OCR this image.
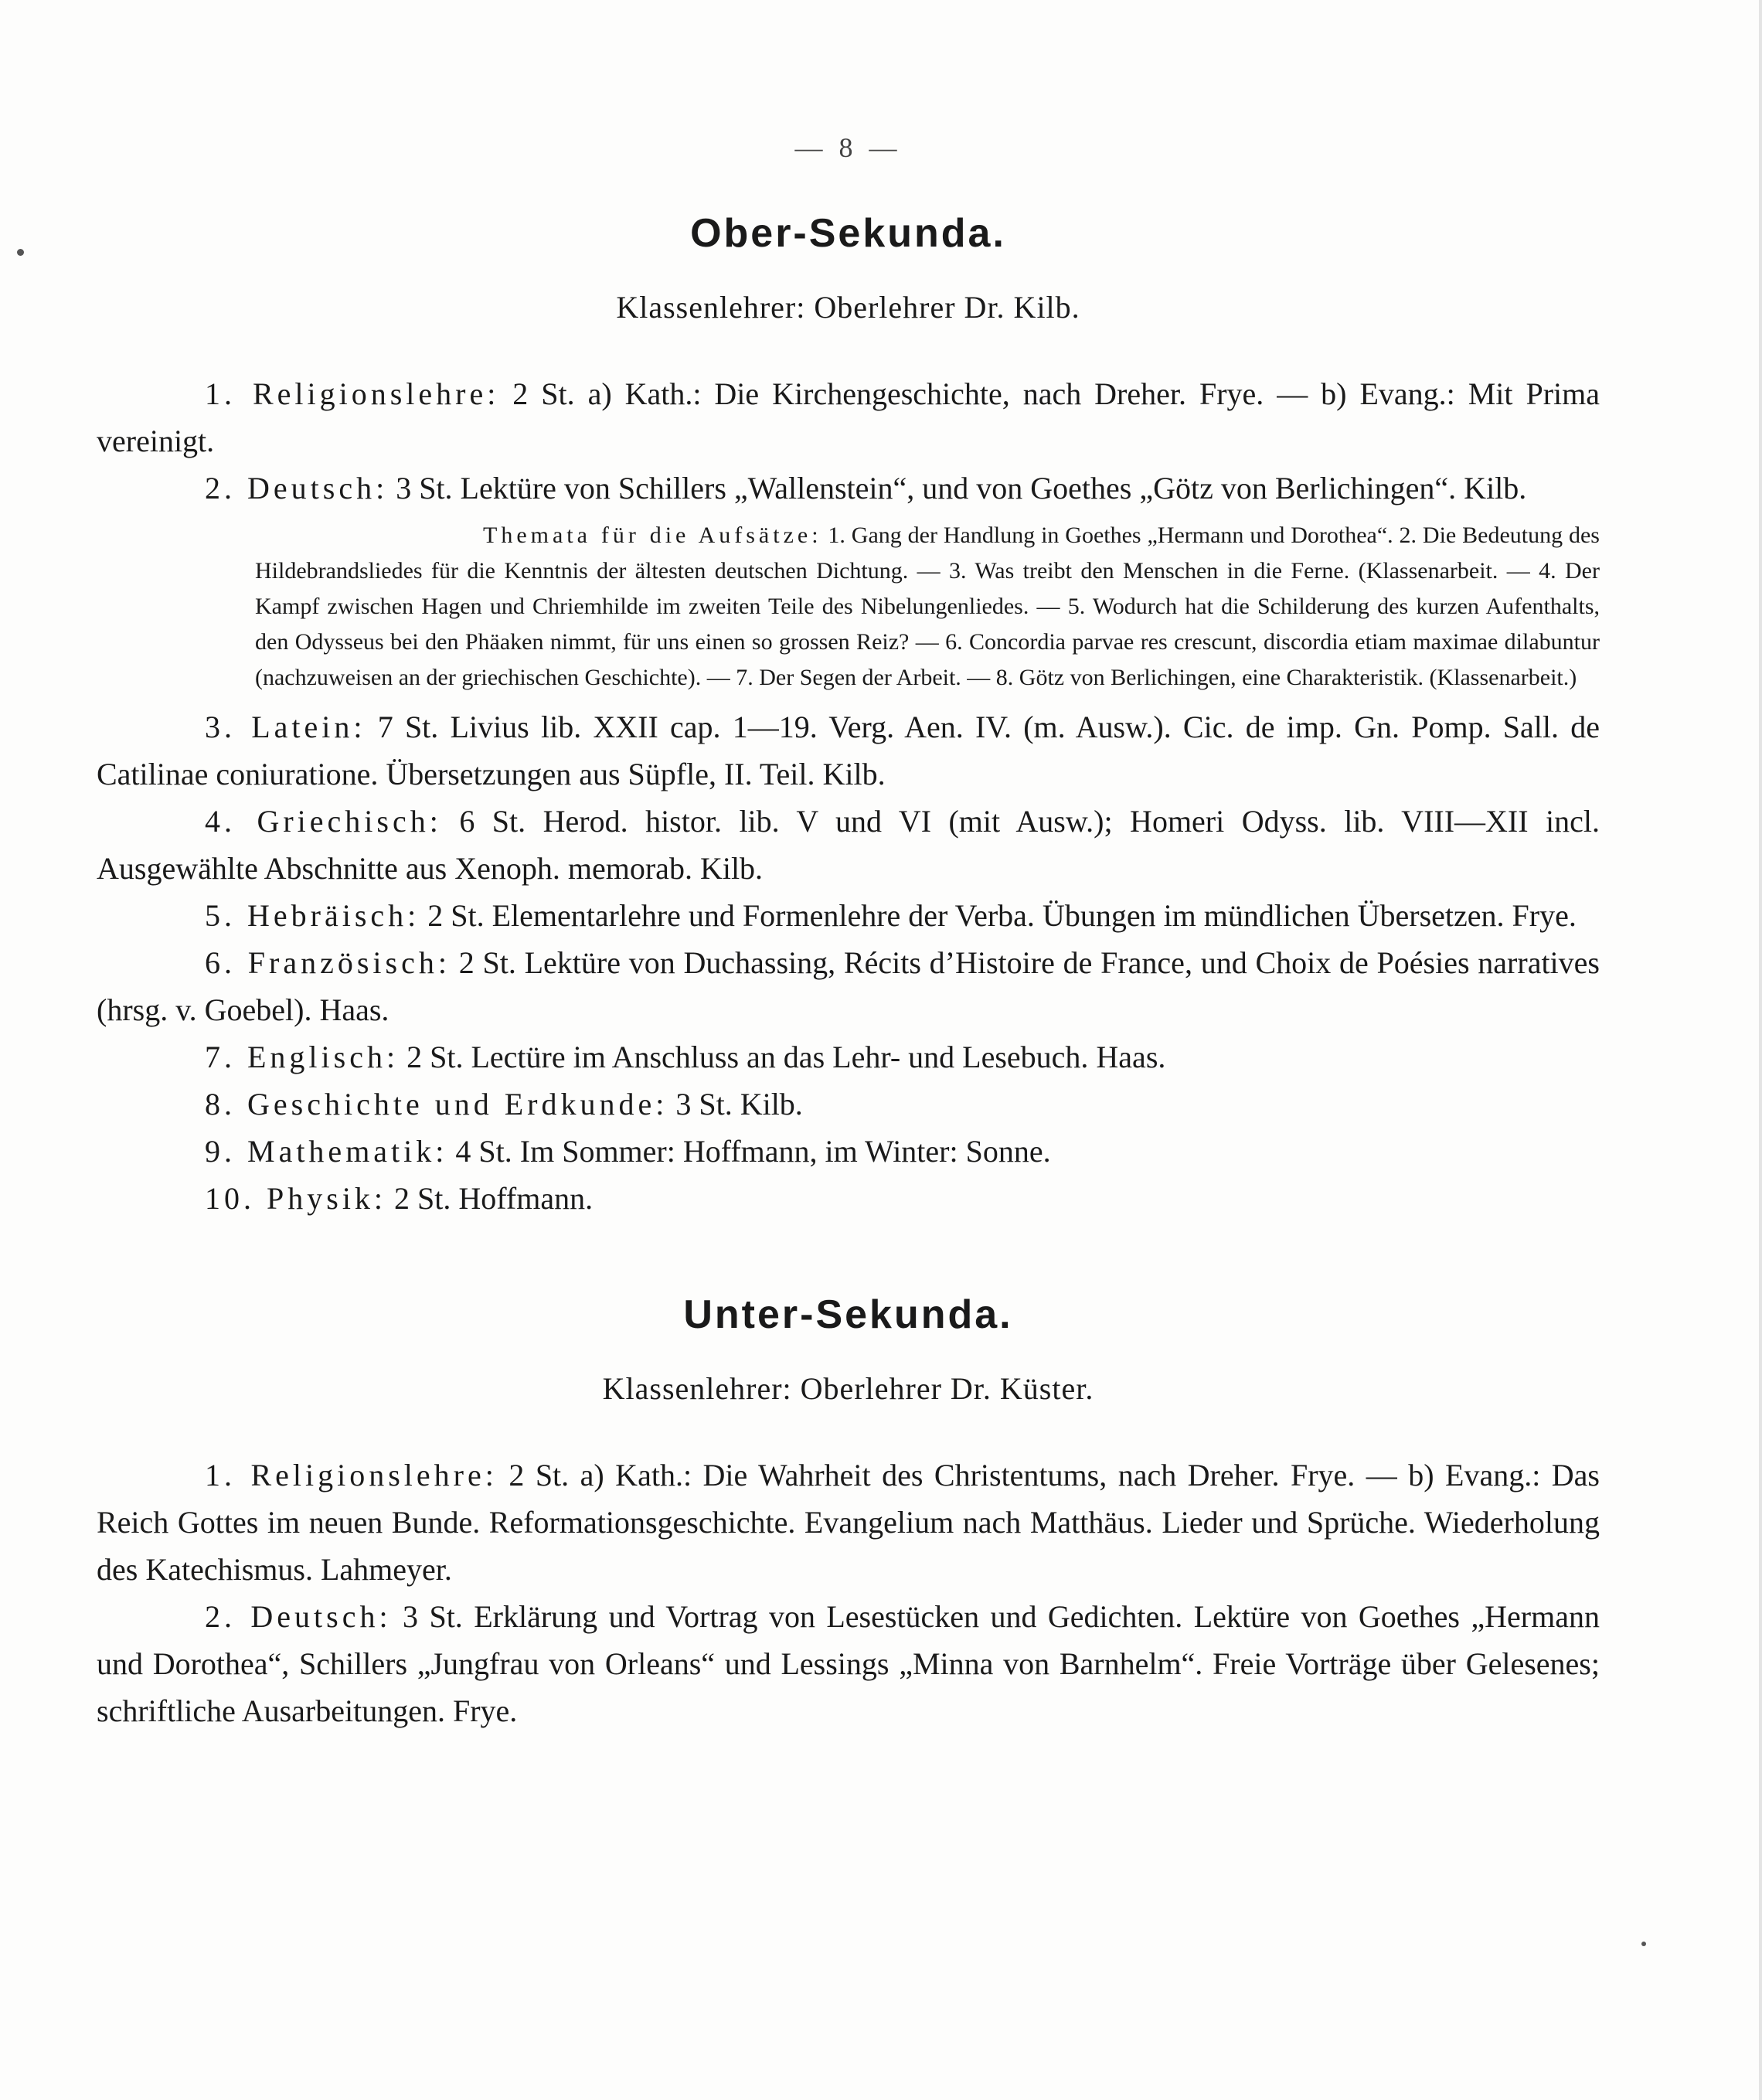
— 8 —
Ober-Sekunda.
Klassenlehrer: Oberlehrer Dr. Kilb.

1. Religionslehre: 2 St. a) Kath.: Die Kirchengeschichte, nach Dreher. Frye. — b) Evang.: Mit Prima vereinigt.

2. Deutsch: 3 St. Lektüre von Schillers „Wallenstein“, und von Goethes „Götz von Berlichingen“. Kilb.

Themata für die Aufsätze: 1. Gang der Handlung in Goethes „Hermann und Dorothea“. 2. Die Bedeutung des Hildebrandsliedes für die Kenntnis der ältesten deutschen Dichtung. — 3. Was treibt den Menschen in die Ferne. (Klassenarbeit. — 4. Der Kampf zwischen Hagen und Chriemhilde im zweiten Teile des Nibelungenliedes. — 5. Wodurch hat die Schilderung des kurzen Aufenthalts, den Odysseus bei den Phäaken nimmt, für uns einen so grossen Reiz? — 6. Concordia parvae res crescunt, discordia etiam maximae dilabuntur (nachzuweisen an der griechischen Geschichte). — 7. Der Segen der Arbeit. — 8. Götz von Berlichingen, eine Charakteristik. (Klassenarbeit.)

3. Latein: 7 St. Livius lib. XXII cap. 1—19. Verg. Aen. IV. (m. Ausw.). Cic. de imp. Gn. Pomp. Sall. de Catilinae coniuratione. Übersetzungen aus Süpfle, II. Teil. Kilb.

4. Griechisch: 6 St. Herod. histor. lib. V und VI (mit Ausw.); Homeri Odyss. lib. VIII—XII incl. Ausgewählte Abschnitte aus Xenoph. memorab. Kilb.

5. Hebräisch: 2 St. Elementarlehre und Formenlehre der Verba. Übungen im mündlichen Übersetzen. Frye.

6. Französisch: 2 St. Lektüre von Duchassing, Récits d’Histoire de France, und Choix de Poésies narratives (hrsg. v. Goebel). Haas.

7. Englisch: 2 St. Lectüre im Anschluss an das Lehr- und Lesebuch. Haas.

8. Geschichte und Erdkunde: 3 St. Kilb.

9. Mathematik: 4 St. Im Sommer: Hoffmann, im Winter: Sonne.

10. Physik: 2 St. Hoffmann.

Unter-Sekunda.
Klassenlehrer: Oberlehrer Dr. Küster.

1. Religionslehre: 2 St. a) Kath.: Die Wahrheit des Christentums, nach Dreher. Frye. — b) Evang.: Das Reich Gottes im neuen Bunde. Reformationsgeschichte. Evangelium nach Matthäus. Lieder und Sprüche. Wiederholung des Katechismus. Lahmeyer.

2. Deutsch: 3 St. Erklärung und Vortrag von Lesestücken und Gedichten. Lektüre von Goethes „Hermann und Dorothea“, Schillers „Jungfrau von Orleans“ und Lessings „Minna von Barnhelm“. Freie Vorträge über Gelesenes; schriftliche Ausarbeitungen. Frye.
